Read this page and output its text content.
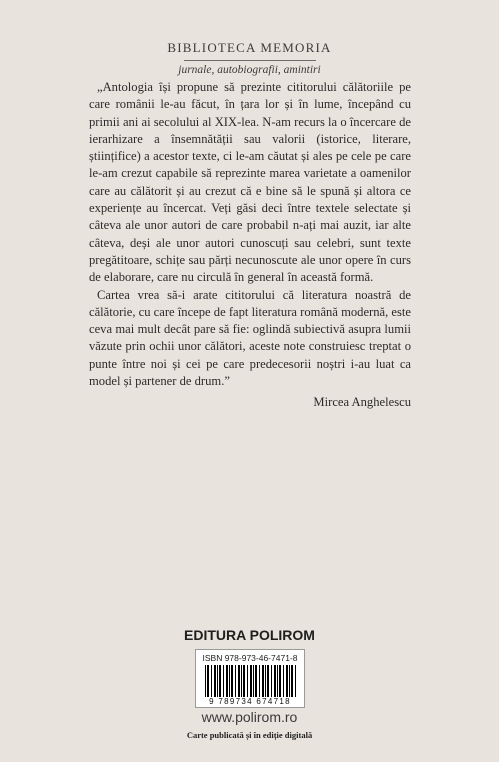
BIBLIOTECA MEMORIA
jurnale, autobiografii, amintiri

„Antologia își propune să prezinte cititorului călătoriile pe care românii le-au făcut, în țara lor și în lume, începând cu primii ani ai secolului al XIX-lea. N-am recurs la o încercare de ierarhizare a însemnătății sau valorii (istorice, literare, științifice) a acestor texte, ci le-am căutat și ales pe cele pe care le-am crezut capabile să reprezinte marea varietate a oamenilor care au călătorit și au crezut că e bine să le spună și altora ce experiențe au încercat. Veți găsi deci între textele selectate și câteva ale unor autori de care probabil n-ați mai auzit, iar alte câteva, deși ale unor autori cunoscuți sau celebri, sunt texte pregătitoare, schițe sau părți necunoscute ale unor opere în curs de elaborare, care nu circulă în general în această formă.

Cartea vrea să-i arate cititorului că literatura noastră de călătorie, cu care începe de fapt literatura română modernă, este ceva mai mult decât pare să fie: oglindă subiectivă asupra lumii văzute prin ochii unor călători, aceste note construiesc treptat o punte între noi și cei pe care predecesorii noștri i-au luat ca model și partener de drum.”

Mircea Anghelescu
EDITURA POLIROM
ISBN 978-973-46-7471-8
9 789734 674718
www.polirom.ro
Carte publicată și în ediție digitală
